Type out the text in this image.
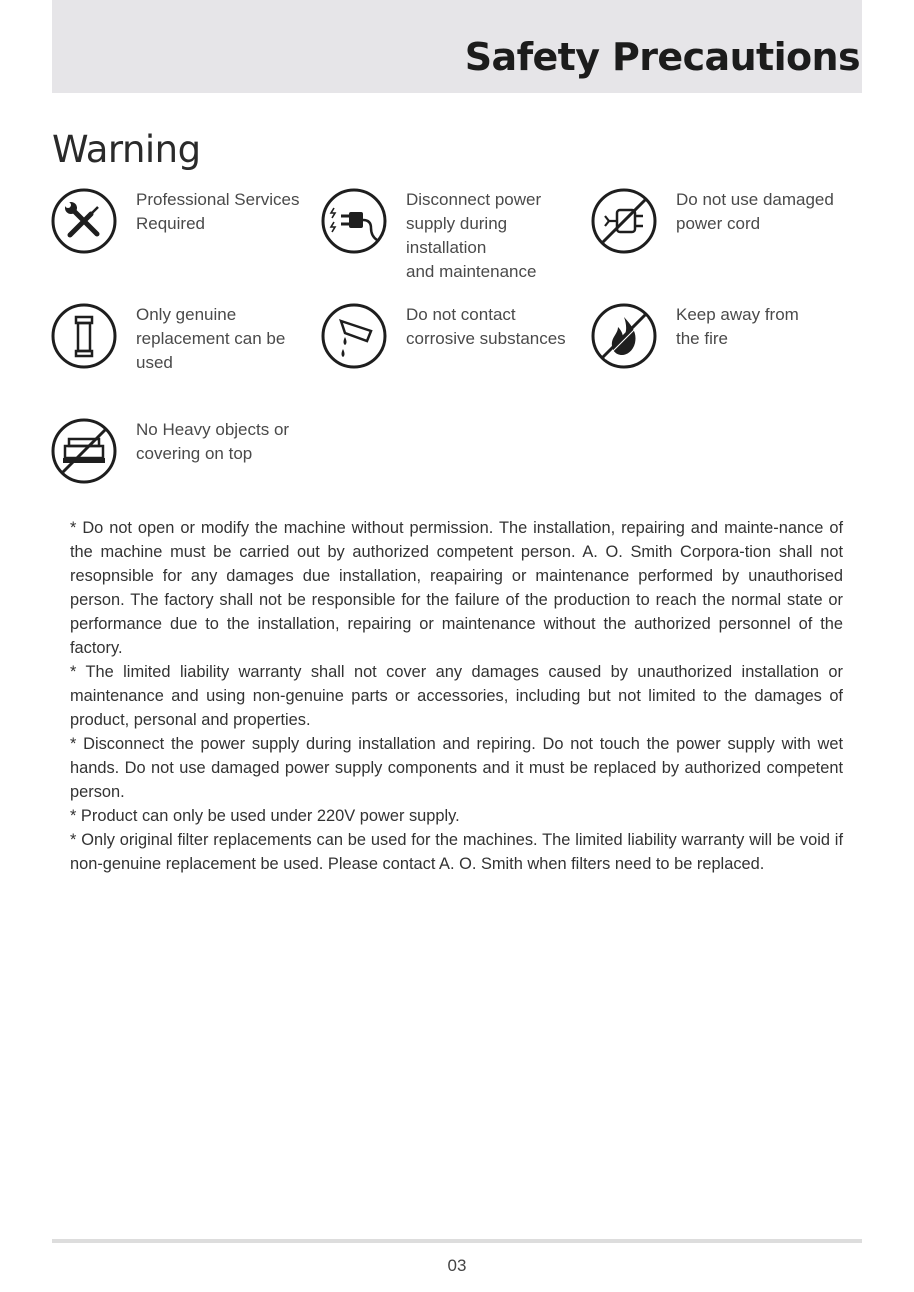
Safety Precautions
Warning
Professional Services
Required
Disconnect power
supply during
installation
and maintenance
Do not use damaged
power cord
Only genuine
replacement can be
used
Do not contact
corrosive substances
Keep away from
the fire
No Heavy objects or
covering on top

* Do not open or modify the machine without permission. The installation, repairing and mainte-nance of the machine must be carried out by authorized competent person. A. O. Smith Corpora-tion shall not resopnsible for any damages due installation, reapairing or maintenance performed by unauthorised person. The factory shall not be responsible for the failure of the production to reach the normal state or performance due to the installation, repairing or maintenance without the authorized personnel of the factory.

* The limited liability warranty shall not cover any damages caused by unauthorized installation or maintenance and using non-genuine parts or accessories, including but not limited to the damages of product, personal and properties.

* Disconnect the power supply during installation and repiring. Do not touch the power supply with wet hands. Do not use damaged power supply components and it must be replaced by authorized competent person.

* Product can only be used under 220V power supply.

* Only original filter replacements can be used for the machines. The limited liability warranty will be void if non-genuine replacement be used. Please contact A. O. Smith when filters need to be replaced.

03
